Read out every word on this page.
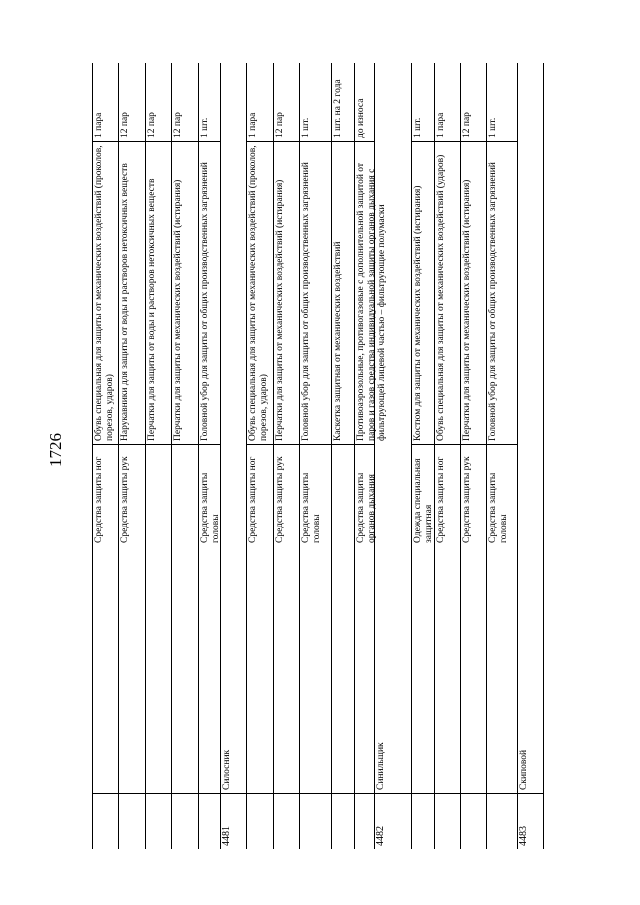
1726
1 пара
Обувь специальная для защиты от механических воздействий (проколов, порезов, ударов)
Средства защиты ног
12 пар
Нарукавники для защиты от воды и растворов нетоксичных веществ
Средства защиты рук
12 пар
Перчатки для защиты от воды и растворов нетоксичных веществ
12 пар
Перчатки для защиты от механических воздействий (истирания)
1 шт.
Головной убор для защиты от общих производственных загрязнений
Средства защиты головы
Силосник
4481
1 пара
Обувь специальная для защиты от механических воздействий (проколов, порезов, ударов)
Средства защиты ног
12 пар
Перчатки для защиты от механических воздействий (истирания)
Средства защиты рук
1 шт.
Головной убор для защиты от общих производственных загрязнений
Средства защиты головы
1 шт. на 2 года
Каскетка защитная от механических воздействий
до износа
Противоаэрозольные, противогазовые с дополнительной защитой от паров и газов средства индивидуальной защиты органов дыхания с фильтрующей лицевой частью – фильтрующие полумаски
Средства защиты органов дыхания
Синильщик
4482
1 шт.
Костюм для защиты от механических воздействий (истирания)
Одежда специальная защитная
1 пара
Обувь специальная для защиты от механических воздействий (ударов)
Средства защиты ног
12 пар
Перчатки для защиты от механических воздействий (истирания)
Средства защиты рук
1 шт.
Головной убор для защиты от общих производственных загрязнений
Средства защиты головы
Скиповой
4483
